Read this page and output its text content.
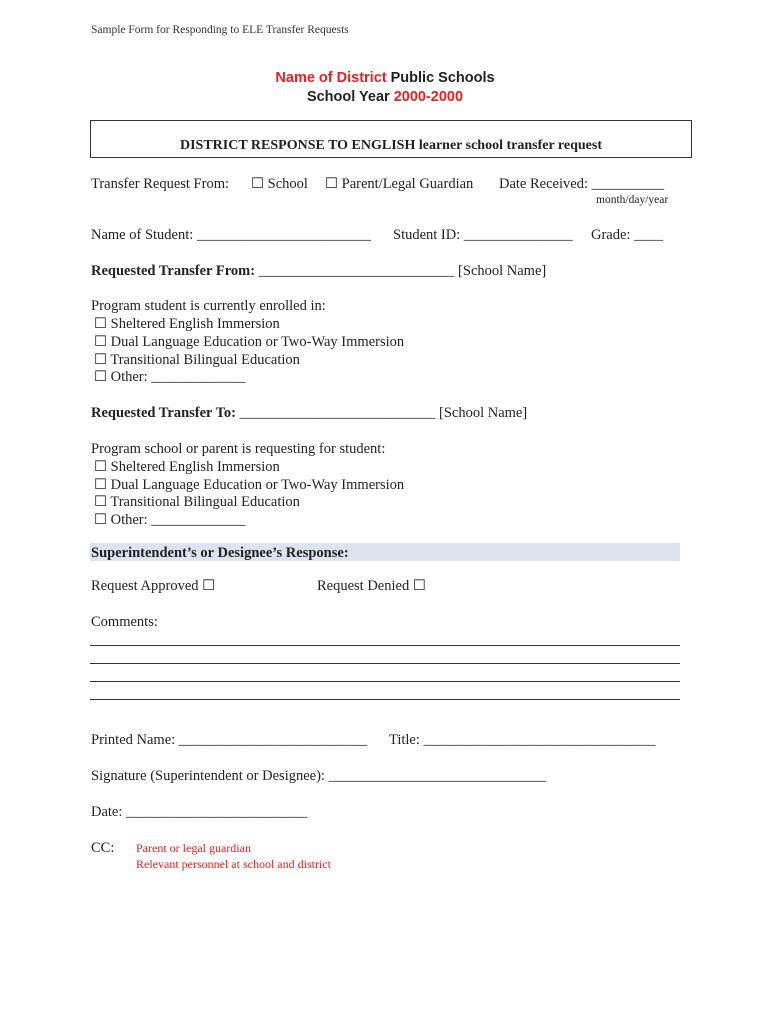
Sample Form for Responding to ELE Transfer Requests
Name of District Public Schools
School Year 2000-2000
DISTRICT RESPONSE TO ENGLISH learner school transfer request
Transfer Request From: ☐ School ☐ Parent/Legal Guardian Date Received: __________
month/day/year
Name of Student: ________________________ Student ID: _______________ Grade: ____
Requested Transfer From: ___________________________ [School Name]
Program student is currently enrolled in:
☐ Sheltered English Immersion
☐ Dual Language Education or Two-Way Immersion
☐ Transitional Bilingual Education
☐ Other: _____________
Requested Transfer To: ___________________________ [School Name]
Program school or parent is requesting for student:
☐ Sheltered English Immersion
☐ Dual Language Education or Two-Way Immersion
☐ Transitional Bilingual Education
☐ Other: _____________
Superintendent’s or Designee’s Response:
Request Approved ☐	Request Denied ☐
Comments:
Printed Name: __________________________ Title: ________________________________
Signature (Superintendent or Designee): ______________________________
Date: _________________________
CC: Parent or legal guardian
Relevant personnel at school and district
